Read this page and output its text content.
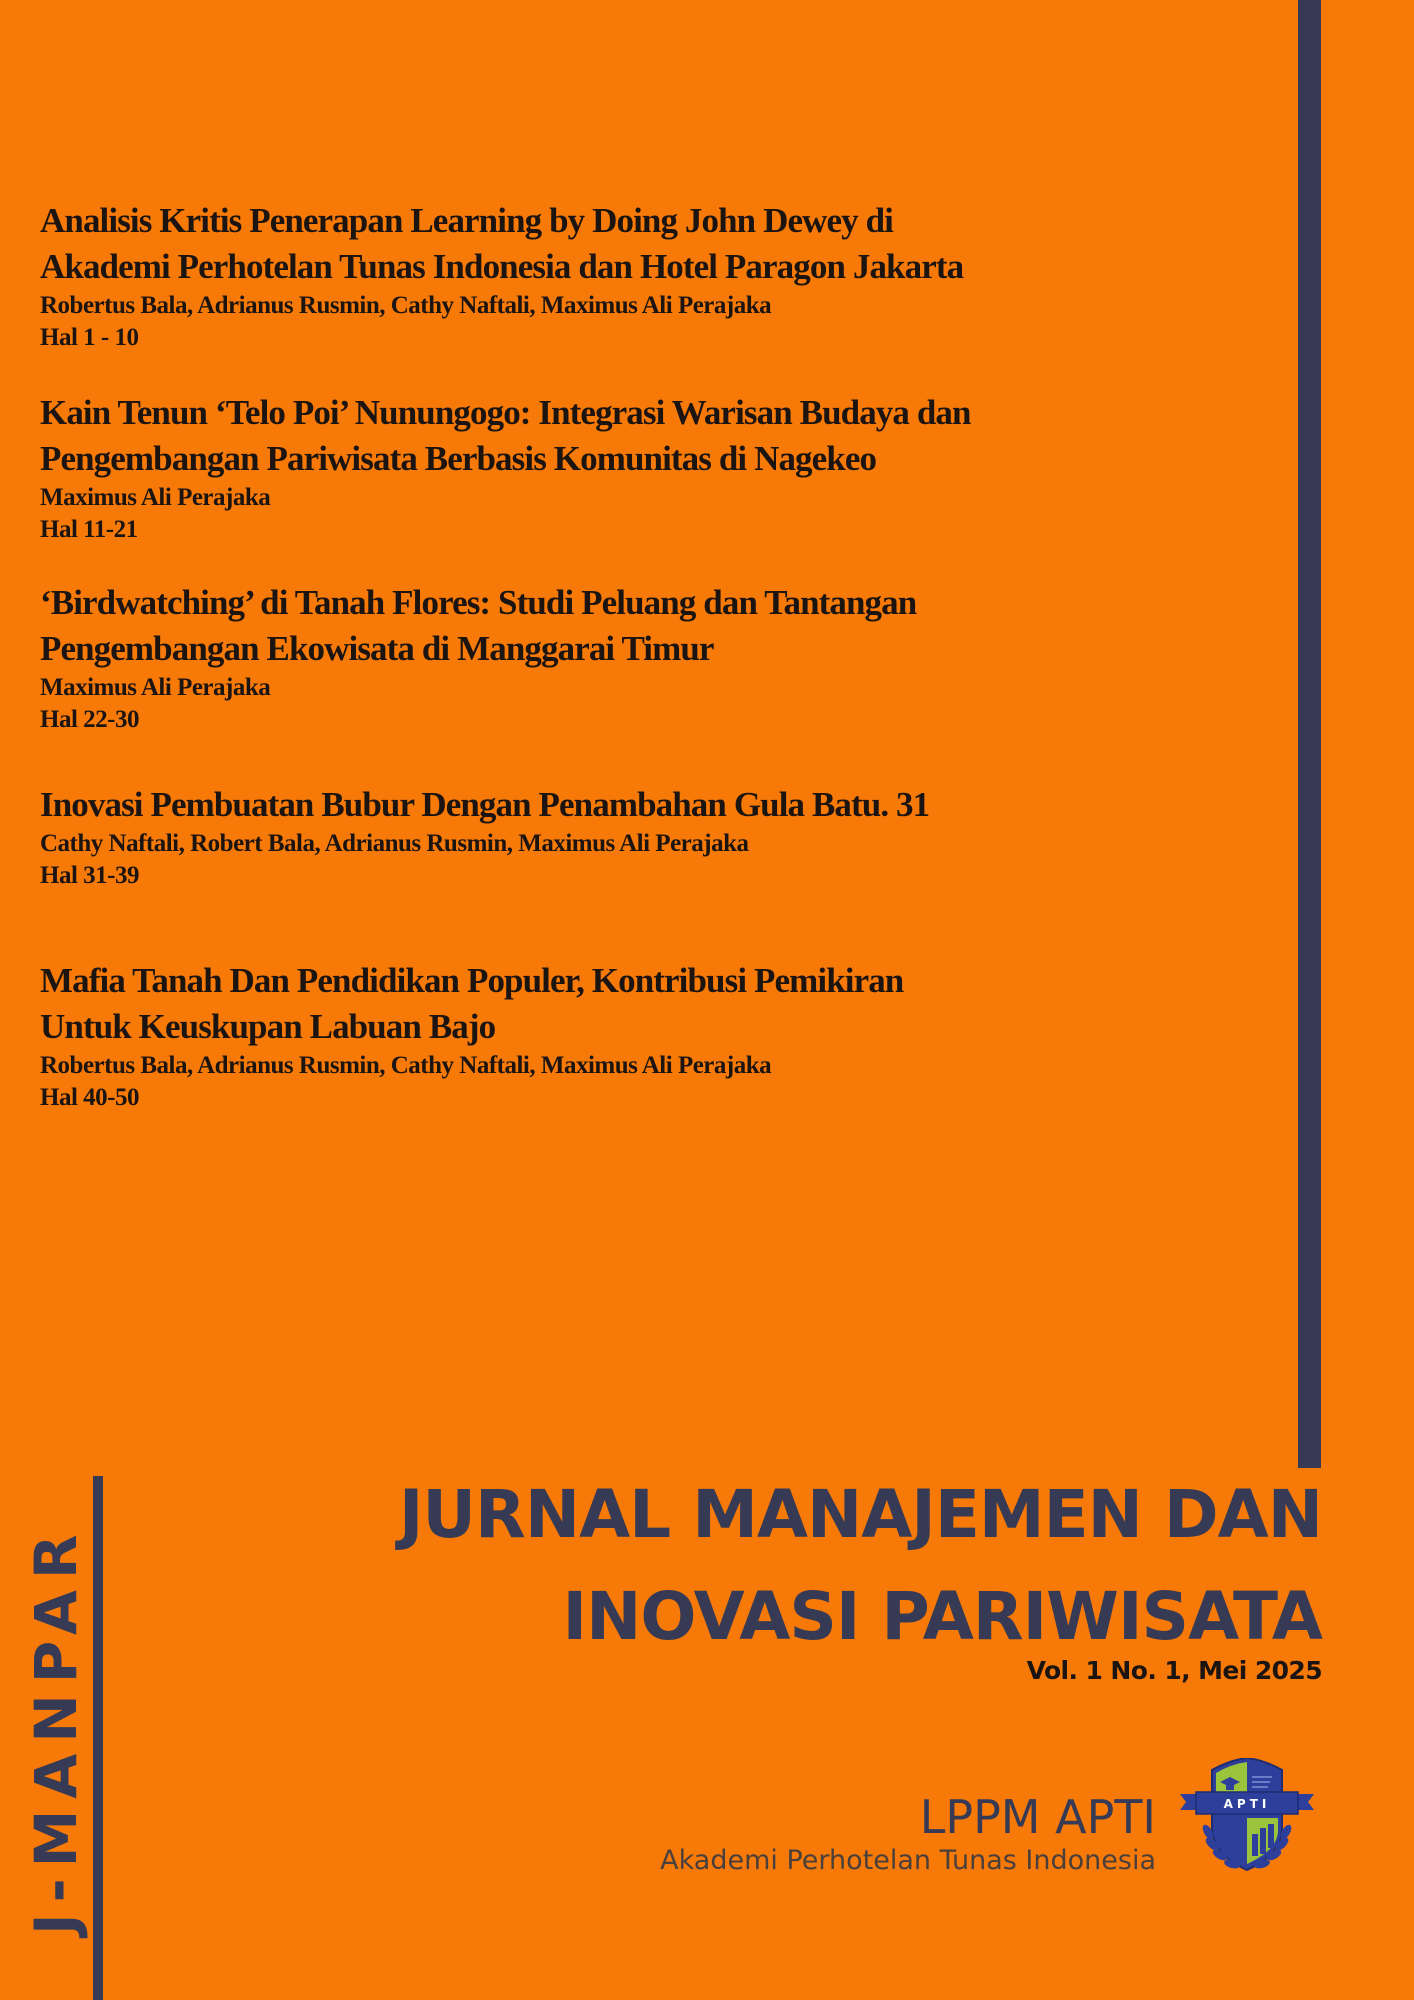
J-MANPAR
Analisis Kritis Penerapan Learning by Doing John Dewey di
Akademi Perhotelan Tunas Indonesia dan Hotel Paragon Jakarta
Robertus Bala, Adrianus Rusmin, Cathy Naftali, Maximus Ali Perajaka
Hal 1 - 10
Kain Tenun ‘Telo Poi’ Nunungogo: Integrasi Warisan Budaya dan
Pengembangan Pariwisata Berbasis Komunitas di Nagekeo
Maximus Ali Perajaka
Hal 11-21
‘Birdwatching’ di Tanah Flores: Studi Peluang dan Tantangan
Pengembangan Ekowisata di Manggarai Timur
Maximus Ali Perajaka
Hal 22-30
Inovasi Pembuatan Bubur Dengan Penambahan Gula Batu. 31
Cathy Naftali, Robert Bala, Adrianus Rusmin, Maximus Ali Perajaka
Hal 31-39
Mafia Tanah Dan Pendidikan Populer, Kontribusi Pemikiran
Untuk Keuskupan Labuan Bajo
Robertus Bala, Adrianus Rusmin, Cathy Naftali, Maximus Ali Perajaka
Hal 40-50
JURNAL MANAJEMEN DAN
INOVASI PARIWISATA
Vol. 1 No. 1, Mei 2025
LPPM APTI
Akademi Perhotelan Tunas Indonesia
APTI
